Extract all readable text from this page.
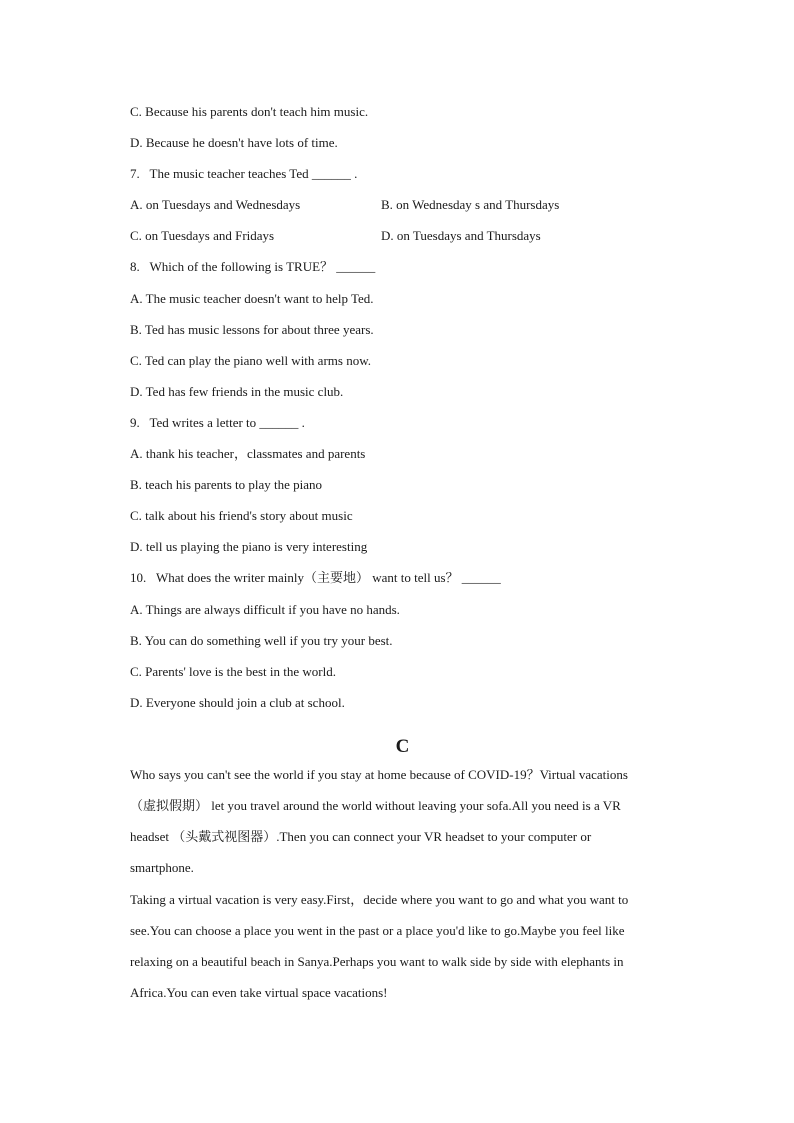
C. Because his parents don't teach him music.
D. Because he doesn't have lots of time.
7.   The music teacher teaches Ted ______ .
A. on Tuesdays and Wednesdays	B. on Wednesday s and Thursdays
C. on Tuesdays and Fridays	D. on Tuesdays and Thursdays
8.   Which of the following is TRUE？ ______
A. The music teacher doesn't want to help Ted.
B. Ted has music lessons for about three years.
C. Ted can play the piano well with arms now.
D. Ted has few friends in the music club.
9.   Ted writes a letter to ______ .
A. thank his teacher，classmates and parents
B. teach his parents to play the piano
C. talk about his friend's story about music
D. tell us playing the piano is very interesting
10.   What does the writer mainly（主要地） want to tell us？ ______
A. Things are always difficult if you have no hands.
B. You can do something well if you try your best.
C. Parents' love is the best in the world.
D. Everyone should join a club at school.
C
Who says you can't see the world if you stay at home because of COVID-19？Virtual vacations
（虚拟假期） let you travel around the world without leaving your sofa.All you need is a VR
headset （头戴式视图器）.Then you can connect your VR headset to your computer or
smartphone.
Taking a virtual vacation is very easy.First，decide where you want to go and what you want to
see.You can choose a place you went in the past or a place you'd like to go.Maybe you feel like
relaxing on a beautiful beach in Sanya.Perhaps you want to walk side by side with elephants in
Africa.You can even take virtual space vacations!
